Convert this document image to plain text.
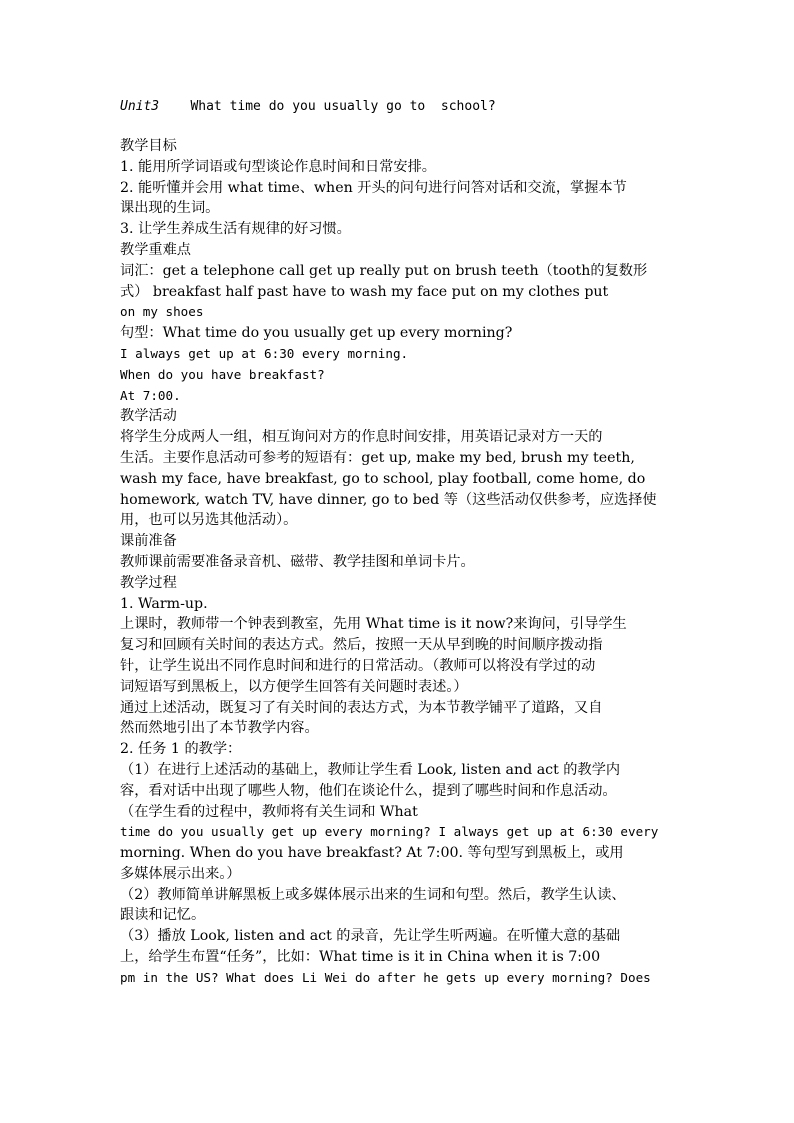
Unit3    What time do you usually go to  school?
教学目标
1. 能用所学词语或句型谈论作息时间和日常安排。
2. 能听懂并会用 what time、when 开头的问句进行问答对话和交流，掌握本节
课出现的生词。
3. 让学生养成生活有规律的好习惯。
教学重难点
词汇：get a telephone call get up really put on brush teeth（tooth的复数形
式） breakfast half past have to wash my face put on my clothes put
on my shoes
句型：What time do you usually get up every morning?
I always get up at 6:30 every morning.
When do you have breakfast?
At 7:00.
教学活动
将学生分成两人一组，相互询问对方的作息时间安排，用英语记录对方一天的
生活。主要作息活动可参考的短语有：get up, make my bed, brush my teeth,
wash my face, have breakfast, go to school, play football, come home, do
homework, watch TV, have dinner, go to bed 等（这些活动仅供参考，应选择使
用，也可以另选其他活动）。
课前准备
教师课前需要准备录音机、磁带、教学挂图和单词卡片。
教学过程
1. Warm-up.
上课时，教师带一个钟表到教室，先用 What time is it now?来询问，引导学生
复习和回顾有关时间的表达方式。然后，按照一天从早到晚的时间顺序拨动指
针，让学生说出不同作息时间和进行的日常活动。（教师可以将没有学过的动
词短语写到黑板上，以方便学生回答有关问题时表述。）
通过上述活动，既复习了有关时间的表达方式，为本节教学铺平了道路，又自
然而然地引出了本节教学内容。
2. 任务 1 的教学：
（1）在进行上述活动的基础上，教师让学生看 Look, listen and act 的教学内
容，看对话中出现了哪些人物，他们在谈论什么，提到了哪些时间和作息活动。
（在学生看的过程中，教师将有关生词和 What
time do you usually get up every morning? I always get up at 6:30 every
morning. When do you have breakfast? At 7:00. 等句型写到黑板上，或用
多媒体展示出来。）
（2）教师简单讲解黑板上或多媒体展示出来的生词和句型。然后，教学生认读、
跟读和记忆。
（3）播放 Look, listen and act 的录音，先让学生听两遍。在听懂大意的基础
上，给学生布置“任务”，比如：What time is it in China when it is 7:00
pm in the US? What does Li Wei do after he gets up every morning? Does
